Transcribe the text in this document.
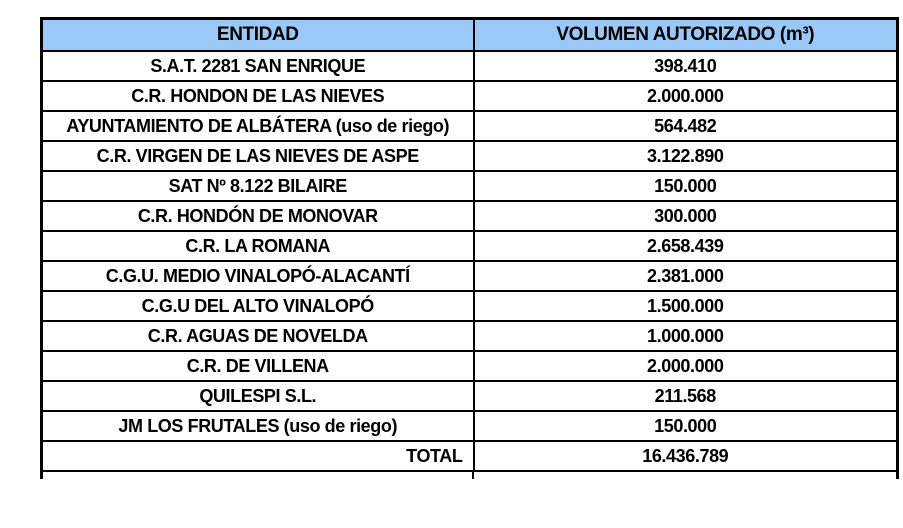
ENTIDAD	VOLUMEN AUTORIZADO (m³)
S.A.T. 2281 SAN ENRIQUE	398.410
C.R. HONDON DE LAS NIEVES	2.000.000
AYUNTAMIENTO DE ALBÁTERA (uso de riego)	564.482
C.R. VIRGEN DE LAS NIEVES DE ASPE	3.122.890
SAT Nº 8.122 BILAIRE	150.000
C.R. HONDÓN DE MONOVAR	300.000
C.R. LA ROMANA	2.658.439
C.G.U. MEDIO VINALOPÓ-ALACANTÍ	2.381.000
C.G.U DEL ALTO VINALOPÓ	1.500.000
C.R. AGUAS DE NOVELDA	1.000.000
C.R. DE VILLENA	2.000.000
QUILESPI S.L.	211.568
JM LOS FRUTALES (uso de riego)	150.000
TOTAL	16.436.789
